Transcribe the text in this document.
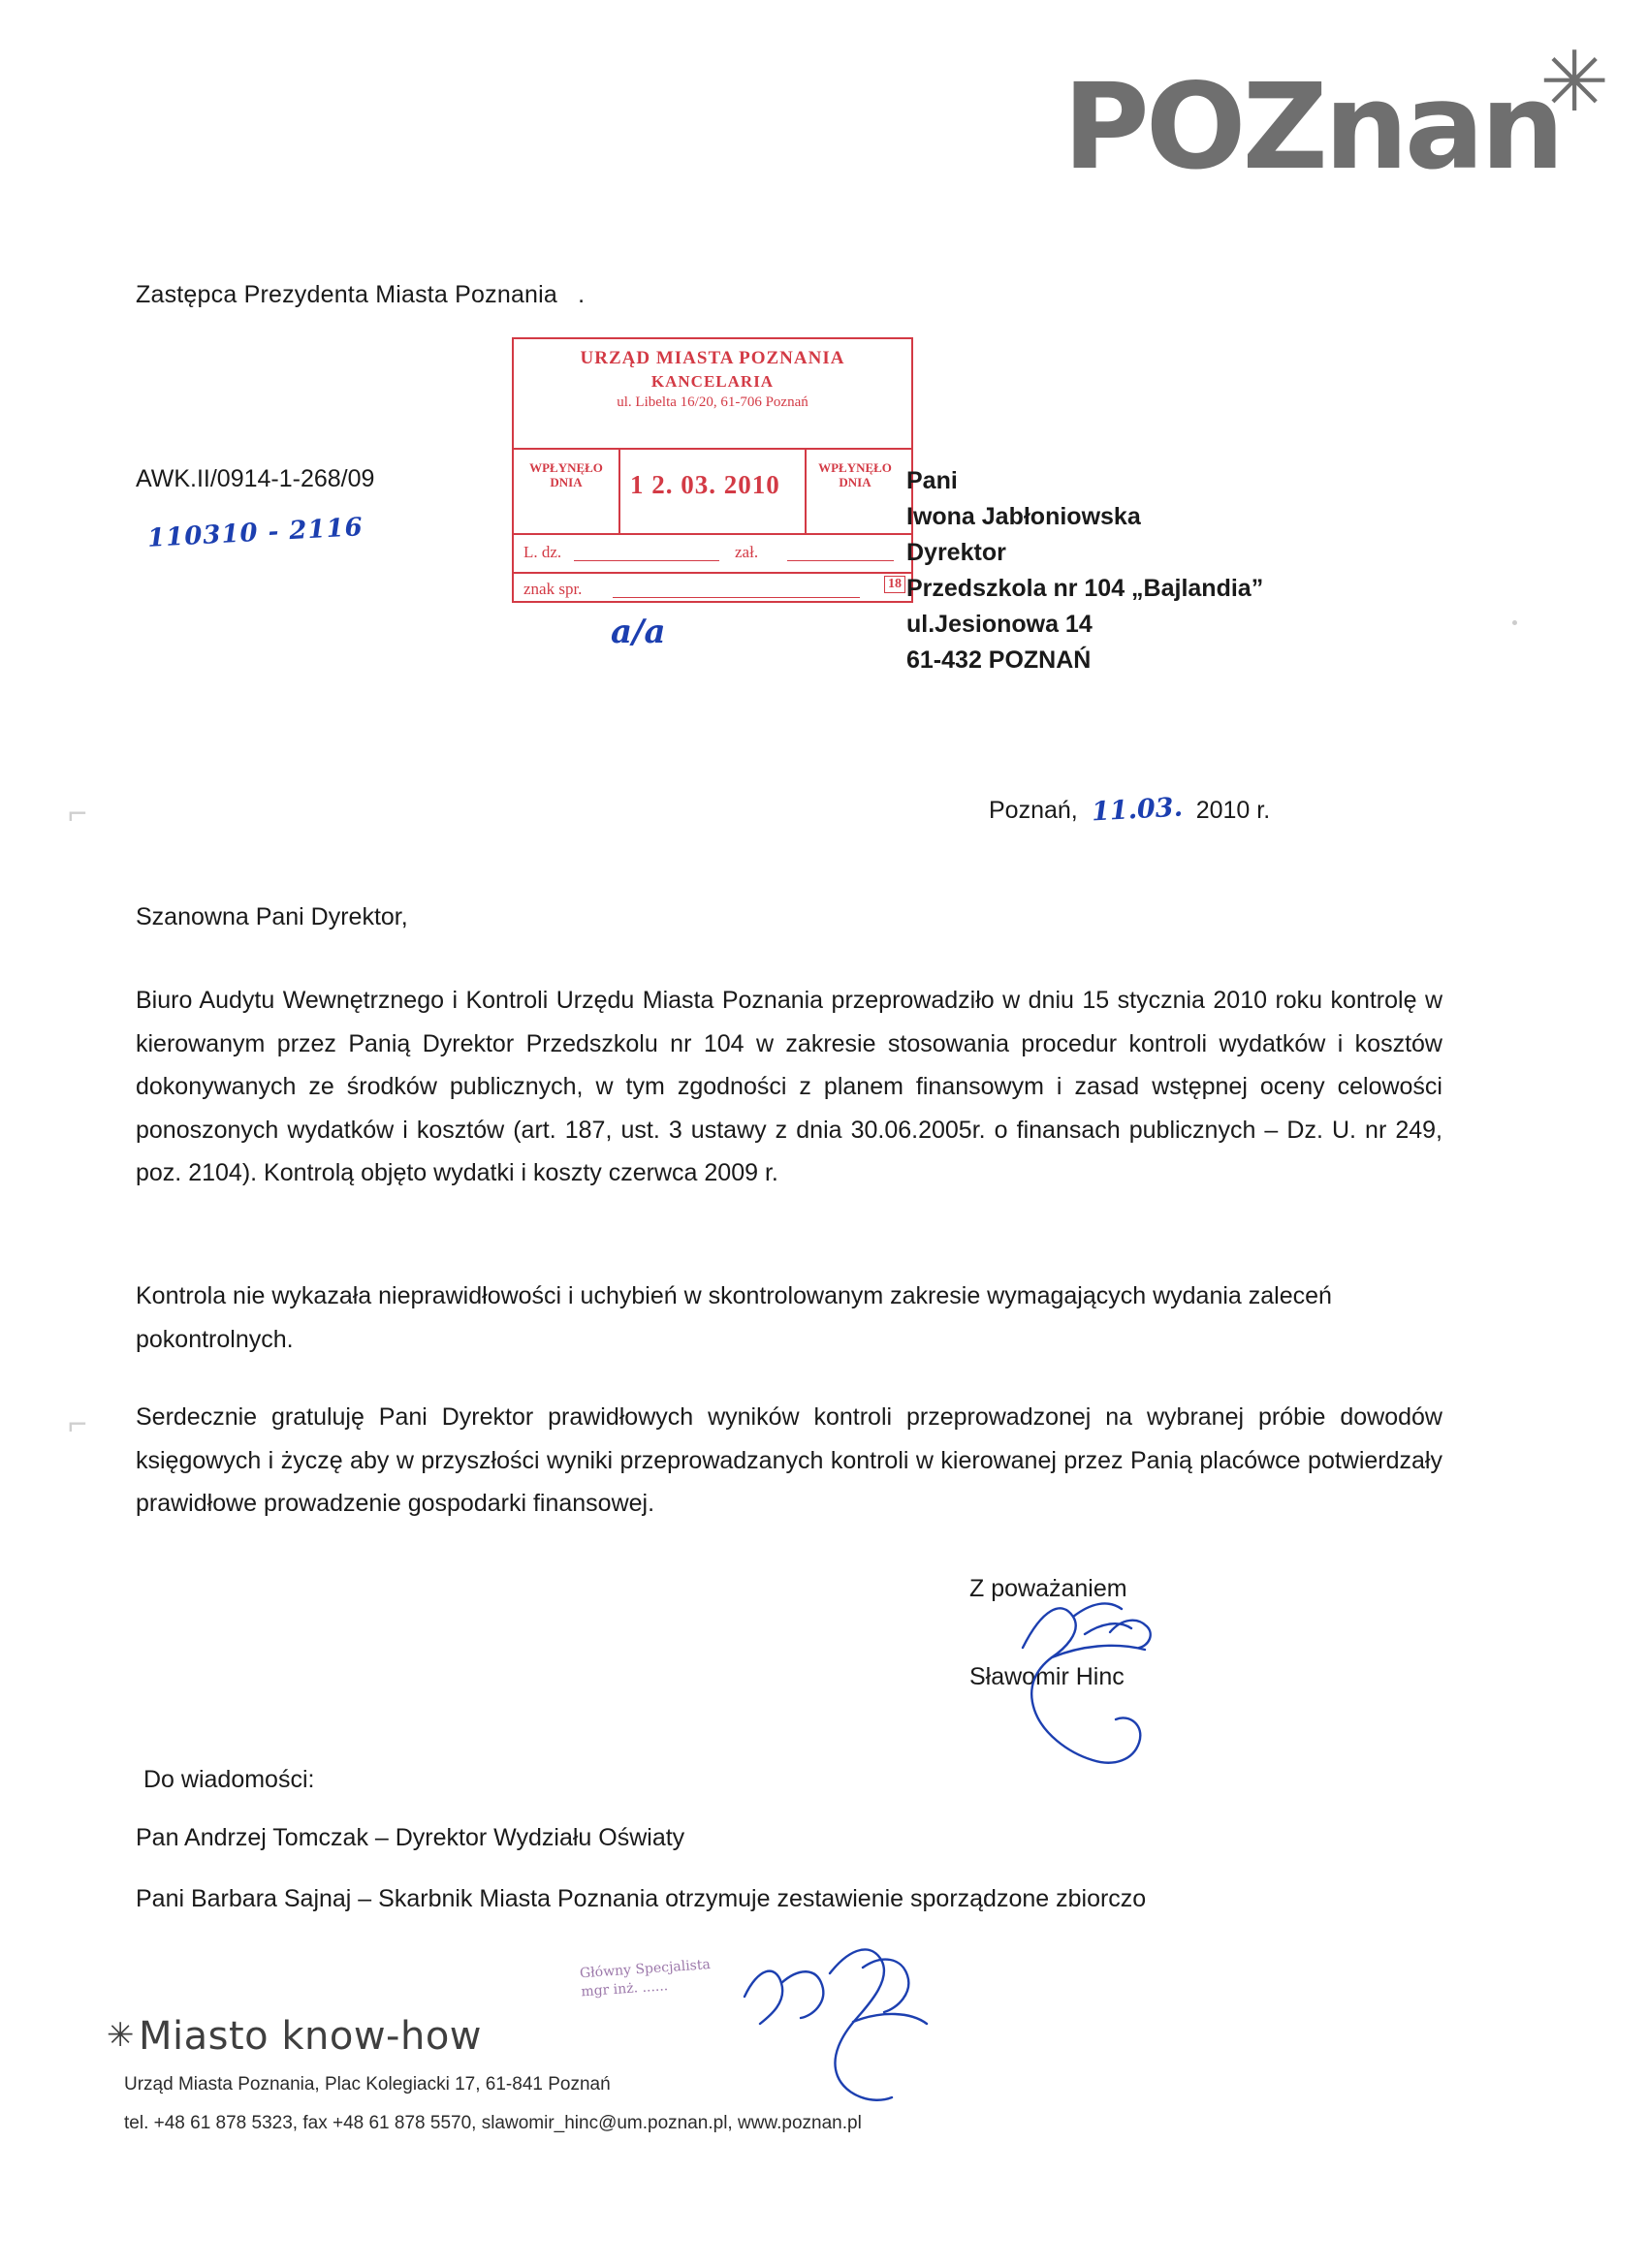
POZnan
✳
Zastępca Prezydenta Miasta Poznania .
AWK.II/0914-1-268/09
110310 - 2116
URZĄD MIASTA POZNANIA
KANCELARIA
ul. Libelta 16/20, 61-706 Poznań
WPŁYNĘŁO DNIA
WPŁYNĘŁO DNIA
1 2. 03. 2010
L. dz.	zał.
znak spr.	18
a/a
Pani
Iwona Jabłoniowska
Dyrektor
Przedszkola nr 104 „Bajlandia”
ul.Jesionowa 14
61-432 POZNAŃ
Poznań, 11.03. 2010 r.
Szanowna Pani Dyrektor,
Biuro Audytu Wewnętrznego i Kontroli Urzędu Miasta Poznania przeprowadziło w dniu 15 stycznia 2010 roku kontrolę w kierowanym przez Panią Dyrektor Przedszkolu nr 104 w zakresie stosowania procedur kontroli wydatków i kosztów dokonywanych ze środków publicznych, w tym zgodności z planem finansowym i zasad wstępnej oceny celowości ponoszonych wydatków i kosztów (art. 187, ust. 3 ustawy z dnia 30.06.2005r. o finansach publicznych – Dz. U. nr 249, poz. 2104). Kontrolą objęto wydatki i koszty czerwca 2009 r.
Kontrola nie wykazała nieprawidłowości i uchybień w skontrolowanym zakresie wymagających wydania zaleceń pokontrolnych.
Serdecznie gratuluję Pani Dyrektor prawidłowych wyników kontroli przeprowadzonej na wybranej próbie dowodów księgowych i życzę aby w przyszłości wyniki przeprowadzanych kontroli w kierowanej przez Panią placówce potwierdzały prawidłowe prowadzenie gospodarki finansowej.
Z poważaniem
Sławomir Hinc
Do wiadomości:
Pan Andrzej Tomczak – Dyrektor Wydziału Oświaty
Pani Barbara Sajnaj – Skarbnik Miasta Poznania otrzymuje zestawienie sporządzone zbiorczo
Główny Specjalista
mgr inż. ......
✳ Miasto know-how
Urząd Miasta Poznania, Plac Kolegiacki 17, 61-841 Poznań
tel. +48 61 878 5323, fax +48 61 878 5570, slawomir_hinc@um.poznan.pl, www.poznan.pl
⌐
⌐
